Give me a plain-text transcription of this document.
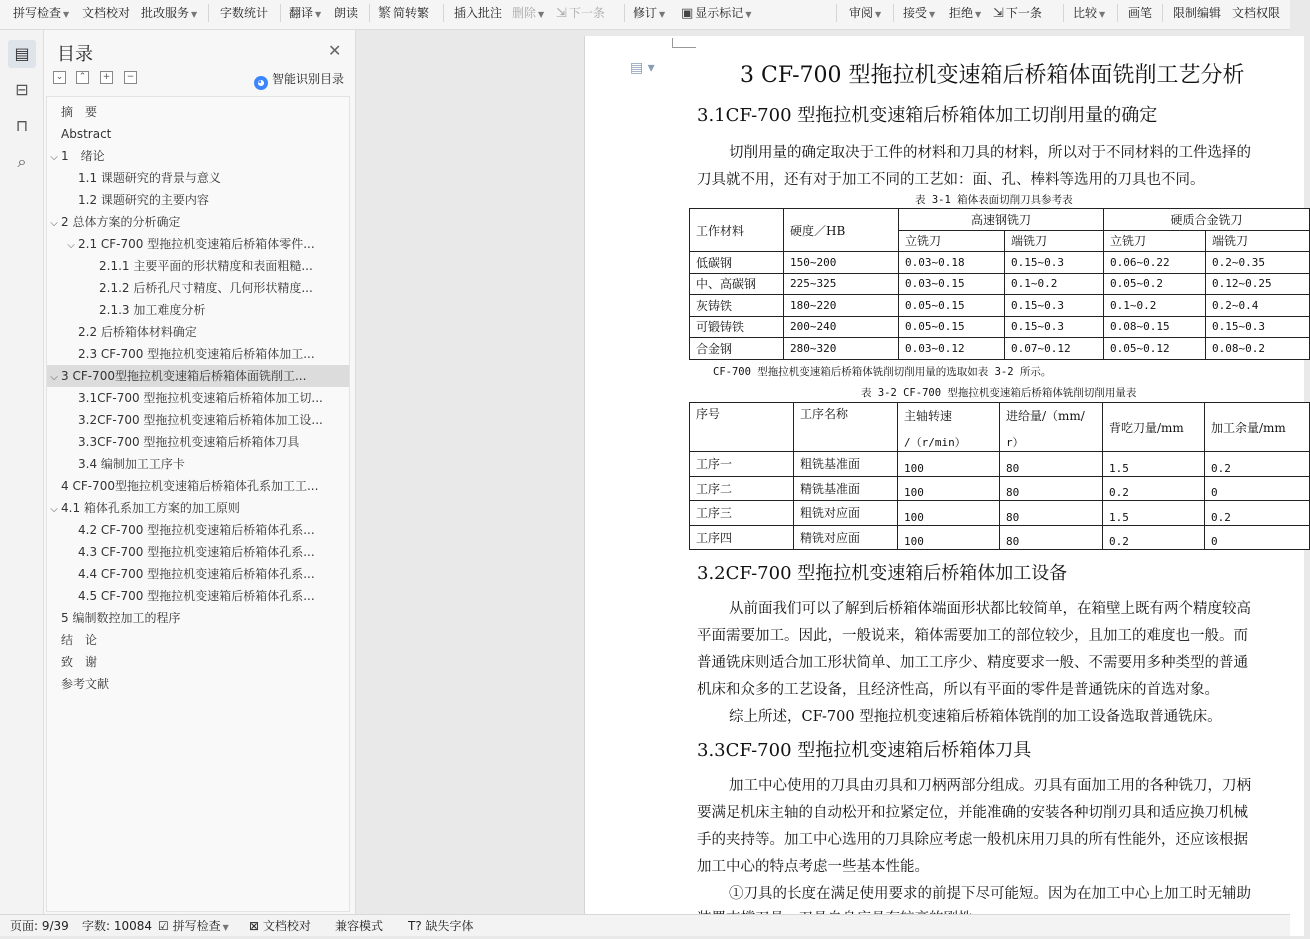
拼写检查 ▼ 文档校对 批改服务 ▼ 字数统计 翻译 ▼ 朗读 繁 简转繁 插入批注 删除 ▼ ⇲ 下一条 修订 ▼ ▣ 显示标记 ▼	审阅 ▼ 接受 ▼ 拒绝 ▼ ⇲ 下一条	比较 ▼ 画笔 限制编辑 文档权限
▤
⊟
⊓
⌕
目录	✕
⌄	⌃	+	−
◕ 智能识别目录
摘　要
Abstract
⌵ 1　绪论
1.1 课题研究的背景与意义
1.2 课题研究的主要内容
⌵ 2 总体方案的分析确定
⌵ 2.1 CF-700 型拖拉机变速箱后桥箱体零件...
2.1.1 主要平面的形状精度和表面粗糙...
2.1.2 后桥孔尺寸精度、几何形状精度...
2.1.3 加工难度分析
2.2 后桥箱体材料确定
2.3 CF-700 型拖拉机变速箱后桥箱体加工...
⌵ 3 CF-700型拖拉机变速箱后桥箱体面铣削工...
3.1CF-700 型拖拉机变速箱后桥箱体加工切...
3.2CF-700 型拖拉机变速箱后桥箱体加工设...
3.3CF-700 型拖拉机变速箱后桥箱体刀具
3.4 编制加工工序卡
4 CF-700型拖拉机变速箱后桥箱体孔系加工工...
⌵ 4.1 箱体孔系加工方案的加工原则
4.2 CF-700 型拖拉机变速箱后桥箱体孔系...
4.3 CF-700 型拖拉机变速箱后桥箱体孔系...
4.4 CF-700 型拖拉机变速箱后桥箱体孔系...
4.5 CF-700 型拖拉机变速箱后桥箱体孔系...
5 编制数控加工的程序
结　论
致　谢
参考文献
▤ ▾	3 CF-700 型拖拉机变速箱后桥箱体面铣削工艺分析
3.1CF-700 型拖拉机变速箱后桥箱体加工切削用量的确定
切削用量的确定取决于工件的材料和刀具的材料，所以对于不同材料的工件选择的
刀具就不用，还有对于加工不同的工艺如：面、孔、棒料等选用的刀具也不同。
表 3-1 箱体表面切削刀具参考表
工作材料	硬度／HB	高速钢铣刀		硬质合金铣刀	
		立铣刀	端铣刀	立铣刀	端铣刀
低碳钢	150~200	0.03~0.18	0.15~0.3	0.06~0.22	0.2~0.35
中、高碳钢	225~325	0.03~0.15	0.1~0.2	0.05~0.2	0.12~0.25
灰铸铁	180~220	0.05~0.15	0.15~0.3	0.1~0.2	0.2~0.4
可锻铸铁	200~240	0.05~0.15	0.15~0.3	0.08~0.15	0.15~0.3
合金钢	280~320	0.03~0.12	0.07~0.12	0.05~0.12	0.08~0.2
CF-700 型拖拉机变速箱后桥箱体铣削切削用量的选取如表 3-2 所示。
表 3-2 CF-700 型拖拉机变速箱后桥箱体铣削切削用量表
序号	工序名称	主轴转速	进给量/（mm/	背吃刀量/mm	加工余量/mm
		/（r/min）	r）		
工序一	粗铣基准面	100	80	1.5	0.2
工序二	精铣基准面	100	80	0.2	0
工序三	粗铣对应面	100	80	1.5	0.2
工序四	精铣对应面	100	80	0.2	0
3.2CF-700 型拖拉机变速箱后桥箱体加工设备
从前面我们可以了解到后桥箱体端面形状都比较简单，在箱壁上既有两个精度较高
平面需要加工。因此，一般说来，箱体需要加工的部位较少，且加工的难度也一般。而
普通铣床则适合加工形状简单、加工工序少、精度要求一般、不需要用多种类型的普通
机床和众多的工艺设备，且经济性高，所以有平面的零件是普通铣床的首选对象。
综上所述，CF-700 型拖拉机变速箱后桥箱体铣削的加工设备选取普通铣床。
3.3CF-700 型拖拉机变速箱后桥箱体刀具
加工中心使用的刀具由刃具和刀柄两部分组成。刃具有面加工用的各种铣刀，刀柄
要满足机床主轴的自动松开和拉紧定位，并能准确的安装各种切削刃具和适应换刀机械
手的夹持等。加工中心选用的刀具除应考虑一般机床用刀具的所有性能外，还应该根据
加工中心的特点考虑一些基本性能。
①刀具的长度在满足使用要求的前提下尽可能短。因为在加工中心上加工时无辅助
页面: 9/39 字数: 10084 ☑ 拼写检查 ▼ ⊠ 文档校对 兼容模式 T? 缺失字体
